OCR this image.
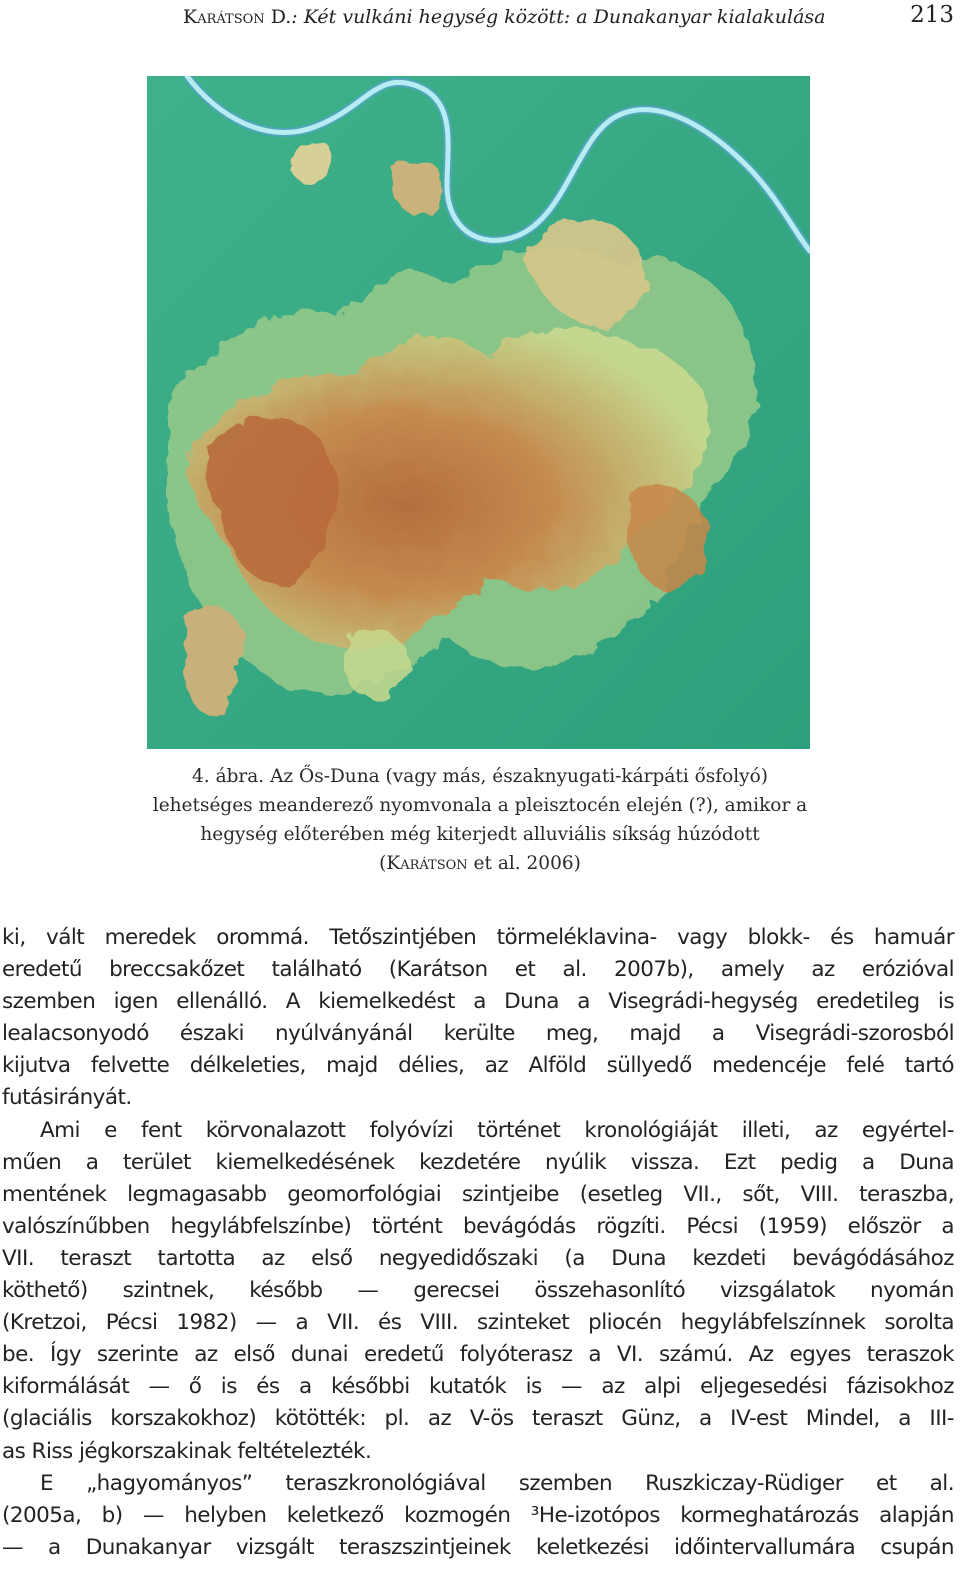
Karátson D.: Két vulkáni hegység között: a Dunakanyar kialakulása	213

4. ábra. Az Ős-Duna (vagy más, északnyugati-kárpáti ősfolyó)

lehetséges meanderező nyomvonala a pleisztocén elején (?), amikor a

hegység előterében még kiterjedt alluviális síkság húzódott

(Karátson et al. 2006)

ki, vált meredek orommá. Tetőszintjében törmeléklavina- vagy blokk- és hamuár
eredetű breccsakőzet található (Karátson et al. 2007b), amely az erózióval
szemben igen ellenálló. A kiemelkedést a Duna a Visegrádi-hegység eredetileg is
lealacsonyodó északi nyúlványánál kerülte meg, majd a Visegrádi-szorosból
kijutva felvette délkeleties, majd délies, az Alföld süllyedő medencéje felé tartó
futásirányát.
Ami e fent körvonalazott folyóvízi történet kronológiáját illeti, az egyértel-
műen a terület kiemelkedésének kezdetére nyúlik vissza. Ezt pedig a Duna
mentének legmagasabb geomorfológiai szintjeibe (esetleg VII., sőt, VIII. teraszba,
valószínűbben hegylábfelszínbe) történt bevágódás rögzíti. Pécsi (1959) először a
VII. teraszt tartotta az első negyedidőszaki (a Duna kezdeti bevágódásához
köthető) szintnek, később — gerecsei összehasonlító vizsgálatok nyomán
(Kretzoi, Pécsi 1982) — a VII. és VIII. szinteket pliocén hegylábfelszínnek sorolta
be. Így szerinte az első dunai eredetű folyóterasz a VI. számú. Az egyes teraszok
kiformálását — ő is és a későbbi kutatók is — az alpi eljegesedési fázisokhoz
(glaciális korszakokhoz) kötötték: pl. az V-ös teraszt Günz, a IV-est Mindel, a III-
as Riss jégkorszakinak feltételezték.
E „hagyományos” teraszkronológiával szemben Ruszkiczay-Rüdiger et al.
(2005a, b) — helyben keletkező kozmogén ³He-izotópos kormeghatározás alapján
— a Dunakanyar vizsgált teraszszintjeinek keletkezési időintervallumára csupán
